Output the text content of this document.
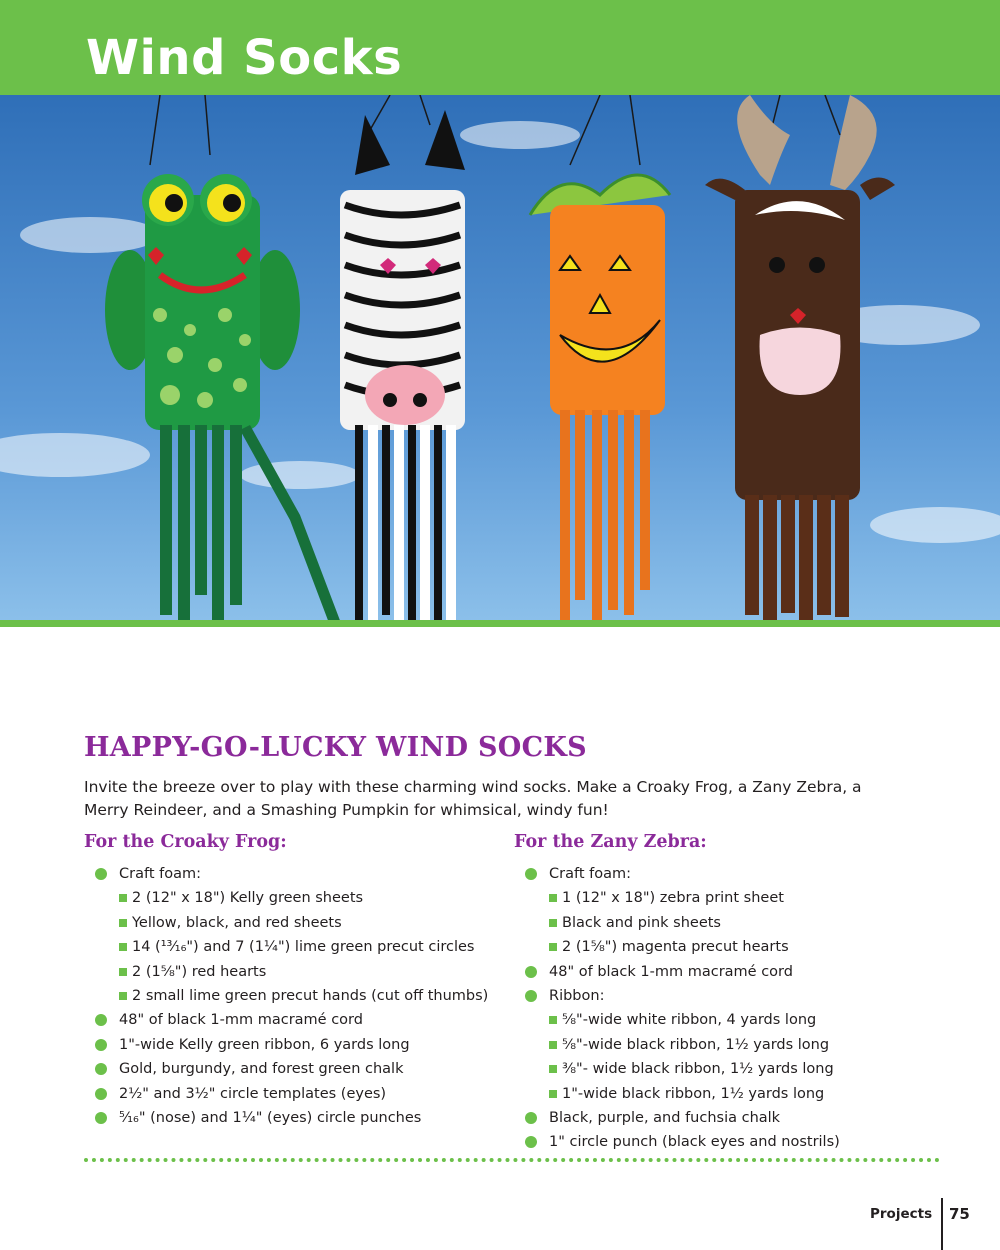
Wind Socks
HAPPY-GO-LUCKY WIND SOCKS
Invite the breeze over to play with these charming wind socks. Make a Croaky Frog, a Zany Zebra, a Merry Reindeer, and a Smashing Pumpkin for whimsical, windy fun!
For the Croaky Frog:
Craft foam:
2 (12" x 18") Kelly green sheets
Yellow, black, and red sheets
14 (¹³⁄₁₆") and 7 (1¼") lime green precut circles
2 (1⅝") red hearts
2 small lime green precut hands (cut off thumbs)
48" of black 1-mm macramé cord
1"-wide Kelly green ribbon, 6 yards long
Gold, burgundy, and forest green chalk
2½" and 3½" circle templates (eyes)
⁵⁄₁₆" (nose) and 1¼" (eyes) circle punches
For the Zany Zebra:
Craft foam:
1 (12" x 18") zebra print sheet
Black and pink sheets
2 (1⅝") magenta precut hearts
48" of black 1-mm macramé cord
Ribbon:
⅝"-wide white ribbon, 4 yards long
⅝"-wide black ribbon, 1½ yards long
⅜"- wide black ribbon, 1½ yards long
1"-wide black ribbon, 1½ yards long
Black, purple, and fuchsia chalk
1" circle punch (black eyes and nostrils)
Projects 75
